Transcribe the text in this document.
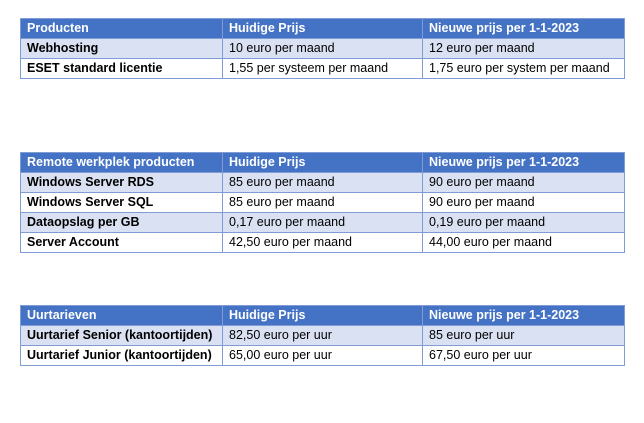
Producten	Huidige Prijs	Nieuwe prijs per 1-1-2023
Webhosting	10 euro per maand	12 euro per maand
ESET standard licentie	1,55 per systeem per maand	1,75 euro per system per maand
Remote werkplek producten	Huidige Prijs	Nieuwe prijs per 1-1-2023
Windows Server RDS	85 euro per maand	90 euro per maand
Windows Server SQL	85 euro per maand	90 euro per maand
Dataopslag per GB	0,17 euro per maand	0,19 euro per maand
Server Account	42,50 euro per maand	44,00 euro per maand
Uurtarieven	Huidige Prijs	Nieuwe prijs per 1-1-2023
Uurtarief Senior (kantoortijden)	82,50 euro per uur	85 euro per uur
Uurtarief Junior (kantoortijden)	65,00 euro per uur	67,50 euro per uur
